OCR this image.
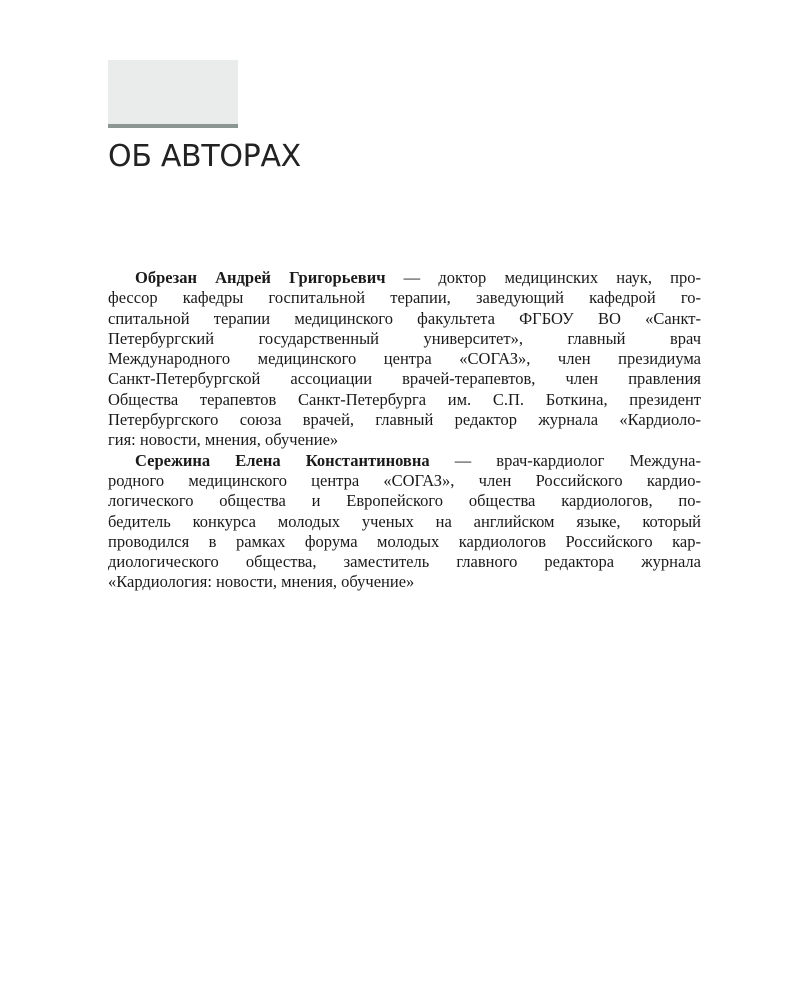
ОБ АВТОРАХ
Обрезан Андрей Григорьевич — доктор медицинских наук, про-
фессор кафедры госпитальной терапии, заведующий кафедрой го-
спитальной терапии медицинского факультета ФГБОУ ВО «Санкт-
Петербургский государственный университет», главный врач
Международного медицинского центра «СОГАЗ», член президиума
Санкт-Петербургской ассоциации врачей-терапевтов, член правления
Общества терапевтов Санкт-Петербурга им. С.П. Боткина, президент
Петербургского союза врачей, главный редактор журнала «Кардиоло-
гия: новости, мнения, обучение»
Сережина Елена Константиновна — врач-кардиолог Междуна-
родного медицинского центра «СОГАЗ», член Российского кардио-
логического общества и Европейского общества кардиологов, по-
бедитель конкурса молодых ученых на английском языке, который
проводился в рамках форума молодых кардиологов Российского кар-
диологического общества, заместитель главного редактора журнала
«Кардиология: новости, мнения, обучение»
